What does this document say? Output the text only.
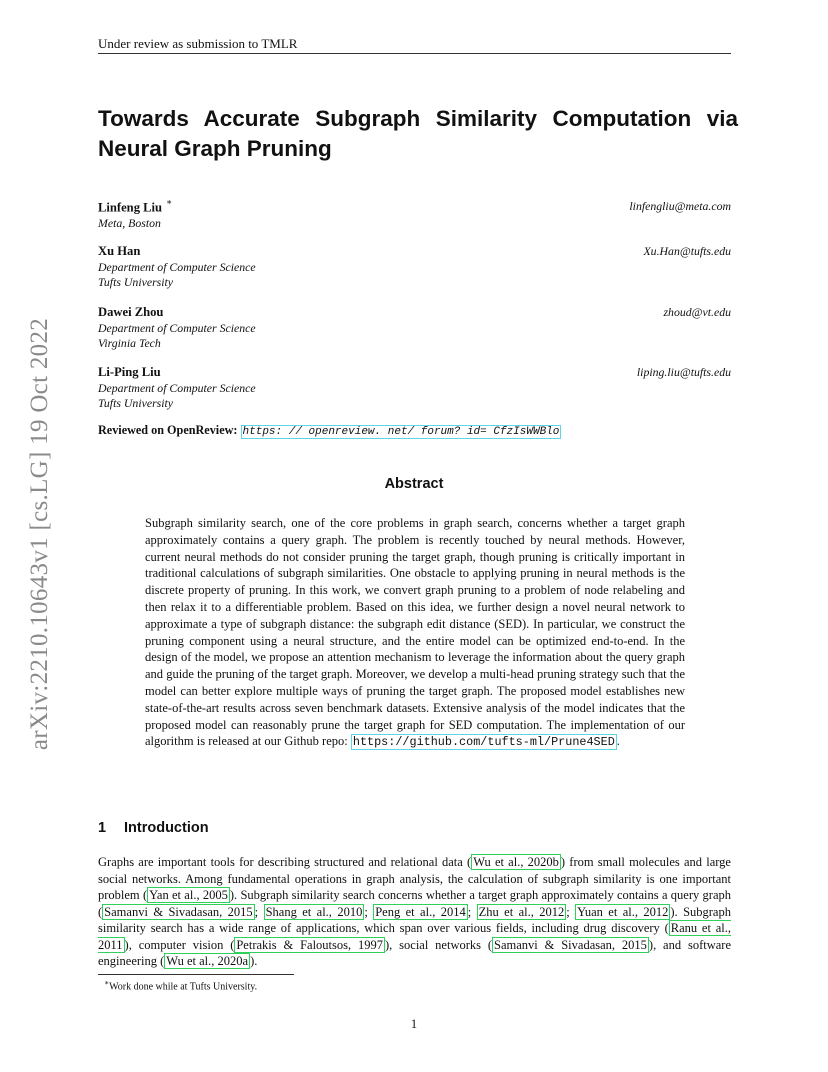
Under review as submission to TMLR
arXiv:2210.10643v1 [cs.LG] 19 Oct 2022
Towards Accurate Subgraph Similarity Computation via Neural Graph Pruning
Linfeng Liu ∗
Meta, Boston
linfengliu@meta.com
Xu Han
Department of Computer Science
Tufts University
Xu.Han@tufts.edu
Dawei Zhou
Department of Computer Science
Virginia Tech
zhoud@vt.edu
Li-Ping Liu
Department of Computer Science
Tufts University
liping.liu@tufts.edu
Reviewed on OpenReview: https: // openreview. net/ forum? id= CfzIsWWBlo
Abstract
Subgraph similarity search, one of the core problems in graph search, concerns whether a target graph approximately contains a query graph. The problem is recently touched by neural methods. However, current neural methods do not consider pruning the target graph, though pruning is critically important in traditional calculations of subgraph similarities. One obstacle to applying pruning in neural methods is the discrete property of pruning. In this work, we convert graph pruning to a problem of node relabeling and then relax it to a differentiable problem. Based on this idea, we further design a novel neural network to approximate a type of subgraph distance: the subgraph edit distance (SED). In particular, we construct the pruning component using a neural structure, and the entire model can be optimized end-to-end. In the design of the model, we propose an attention mechanism to leverage the information about the query graph and guide the pruning of the target graph. Moreover, we develop a multi-head pruning strategy such that the model can better explore multiple ways of pruning the target graph. The proposed model establishes new state-of-the-art results across seven benchmark datasets. Extensive analysis of the model indicates that the proposed model can reasonably prune the target graph for SED computation. The implementation of our algorithm is released at our Github repo: https://github.com/tufts-ml/Prune4SED .
1 Introduction
Graphs are important tools for describing structured and relational data ( Wu et al., 2020b ) from small molecules and large social networks. Among fundamental operations in graph analysis, the calculation of subgraph similarity is one important problem ( Yan et al., 2005 ). Subgraph similarity search concerns whether a target graph approximately contains a query graph ( Samanvi & Sivadasan, 2015 ; Shang et al., 2010 ; Peng et al., 2014 ; Zhu et al., 2012 ; Yuan et al., 2012 ). Subgraph similarity search has a wide range of applications, which span over various fields, including drug discovery ( Ranu et al., 2011 ), computer vision ( Petrakis & Faloutsos, 1997 ), social networks ( Samanvi & Sivadasan, 2015 ), and software engineering ( Wu et al., 2020a ).
∗Work done while at Tufts University.
1
